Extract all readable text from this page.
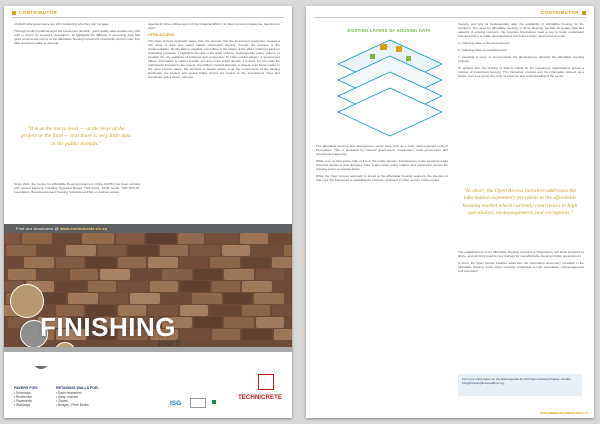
CONTRIBUTOR

of which wide governance are still considering who they don't engage.

Through results fundamental to the investment decision, good-quality data enables any shift both to inform by investors, developers, all highlights the difficulty of accessing data that gives an accurate picture of the affordable housing investment opportunity and its risks. Key data questions relate to demand.

"It is at the micro level — at the level of the project or the fund — that there is very little data in the public domain."

Since 2021, the Centre for Affordable Housing Finance in Africa (CAHF) has been working with various partners, including Hypertext Based, TSH Africa, TUHF Group, TSH NHF-W-Foundation, Bassdevelopment Housing Solutions and Silo to produce a data

Agenda for All ex-Africa report of the Financial Effort II in Open Access programme, launched in 2024.

OPEN ACCESS

The Open Access approach stems from the premise that the investment ecosystem creates a rich array of data and useful market information already, through the process of the implementation. All this data is valuable, but neither is the nature of the effort, relating it back for evaluating purposes, it highlights the lack of the wider industry. Subsequently, policy makers, or possibly the city guidance of business and consumers, by other market players in government offices. Information is market-specific, but once in the public domain, it is used. For the study the participants invested in the project, the platform helped attempts to assess it as being useful. In the open access space, the structure is based, where to-all the components of the funding landscape are trusted and tested widely across the board, to the investments done and completed with a closer outcome.

Find our brochures @ www.technicrete.co.za
FINISHING
touch
PAVERS FOR:
• Driveways
• Residential
• Pavements
• Walkways
RETAINING WALLS FOR:
• Earth retainment
• Steep Inclines
• Slopes
• Bridges / River Banks	ISG
TECHNICRETE
CONTRIBUTOR
EXISTING LAYERS OF HOUSING DATA

The affordable housing and development sector have built up a solid, well-respected body of information. This is produced by national government, researchers, local government and development agencies.

While a lot of data exists, little of it is in the public domain. Transparency helps investors make informed decisions and decrease risks, it also helps policy makers and consumers across the housing sector to operate better.

While the Open Access approach is aimed at the affordable housing segment, the intention is that once the framework is established it could be replicated in other sectors of the market.

housing and why its fundamentally alter the availability of affordable housing for the continent. The need for affordable housing, in all its diversity, persists for quality data and capacity of existing investors, the investors themselves need a way to better understand how and where to make good decisions and build a better development model.

a. collecting data on the development.

b. collecting data on municipal work.

c. investing in ways to communicate the development, allowing the affordable housing projects.

To achieve this, the sharing of data is critical for the investment organisations across a number of investment housing. This interaction process and the information shared, as a whole, over time grows the body of evidence and understanding of the sector.

"In short, the Open Access initiative addresses the information asymmetry prevalent in the affordable housing market which currently contributes to high speculation, mismanagement, and corruption."

The establishment of an Affordable Housing Investment Observatory will allow investors to share, and will bring together key findings for real affordable housing market development.

In short, the Open Access initiative addresses the information asymmetry prevalent in the affordable housing sector which currently contributes to high speculation, mismanagement and corruption.

For more information on the Data Agenda for All (Open Access) Project, contact info@housingfinanceafrica.org.
SEPTEMBER-OCTOBER 2024 | 17
